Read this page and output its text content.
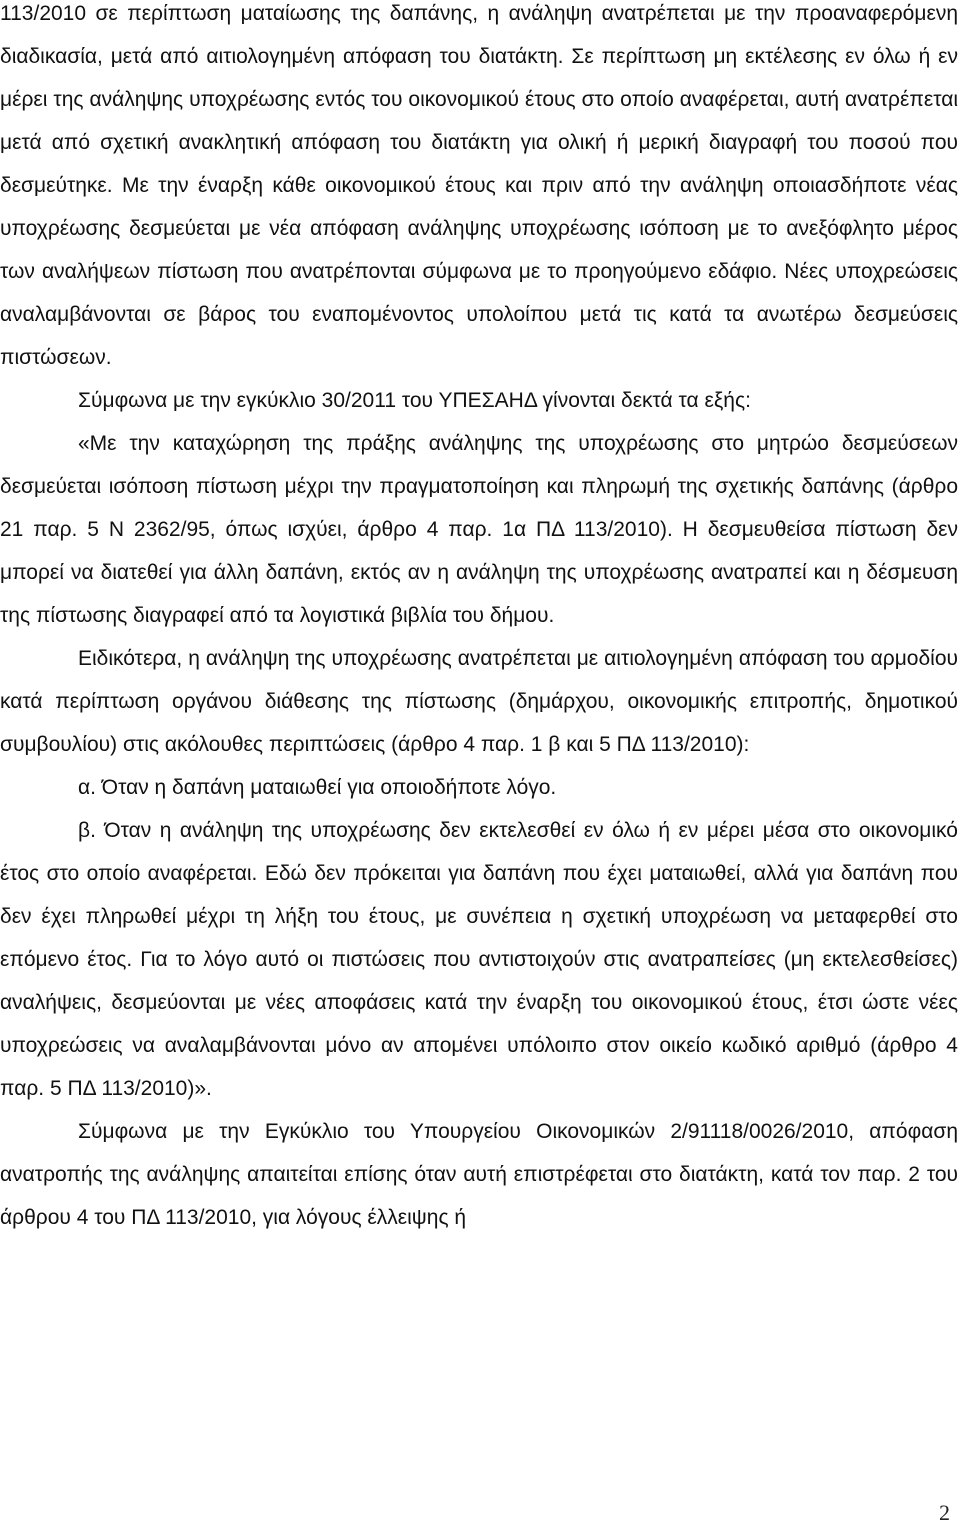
113/2010 σε περίπτωση ματαίωσης της δαπάνης, η ανάληψη ανατρέπεται με την προαναφερόμενη διαδικασία, μετά από αιτιολογημένη απόφαση του διατάκτη. Σε περίπτωση μη εκτέλεσης εν όλω ή εν μέρει της ανάληψης υποχρέωσης εντός του οικονομικού έτους στο οποίο αναφέρεται, αυτή ανατρέπεται μετά από σχετική ανακλητική απόφαση του διατάκτη για ολική ή μερική διαγραφή του ποσού που δεσμεύτηκε. Με την έναρξη κάθε οικονομικού έτους και πριν από την ανάληψη οποιασδήποτε νέας υποχρέωσης δεσμεύεται με νέα απόφαση ανάληψης υποχρέωσης ισόποση με το ανεξόφλητο μέρος των αναλήψεων πίστωση που ανατρέπονται σύμφωνα με το προηγούμενο εδάφιο. Νέες υποχρεώσεις αναλαμβάνονται σε βάρος του εναπομένοντος υπολοίπου μετά τις κατά τα ανωτέρω δεσμεύσεις πιστώσεων.

Σύμφωνα με την εγκύκλιο 30/2011 του ΥΠΕΣΑΗΔ γίνονται δεκτά τα εξής:

«Με την καταχώρηση της πράξης ανάληψης της υποχρέωσης στο μητρώο δεσμεύσεων δεσμεύεται ισόποση πίστωση μέχρι την πραγματοποίηση και πληρωμή της σχετικής δαπάνης (άρθρο 21 παρ. 5 Ν 2362/95, όπως ισχύει, άρθρο 4 παρ. 1α ΠΔ 113/2010). Η δεσμευθείσα πίστωση δεν μπορεί να διατεθεί για άλλη δαπάνη, εκτός αν η ανάληψη της υποχρέωσης ανατραπεί και η δέσμευση της πίστωσης διαγραφεί από τα λογιστικά βιβλία του δήμου.

Ειδικότερα, η ανάληψη της υποχρέωσης ανατρέπεται με αιτιολογημένη απόφαση του αρμοδίου κατά περίπτωση οργάνου διάθεσης της πίστωσης (δημάρχου, οικονομικής επιτροπής, δημοτικού συμβουλίου) στις ακόλουθες περιπτώσεις (άρθρο 4 παρ. 1 β και 5 ΠΔ 113/2010):

α. Όταν η δαπάνη ματαιωθεί για οποιοδήποτε λόγο.

β. Όταν η ανάληψη της υποχρέωσης δεν εκτελεσθεί εν όλω ή εν μέρει μέσα στο οικονομικό έτος στο οποίο αναφέρεται. Εδώ δεν πρόκειται για δαπάνη που έχει ματαιωθεί, αλλά για δαπάνη που δεν έχει πληρωθεί μέχρι τη λήξη του έτους, με συνέπεια η σχετική υποχρέωση να μεταφερθεί στο επόμενο έτος. Για το λόγο αυτό οι πιστώσεις που αντιστοιχούν στις ανατραπείσες (μη εκτελεσθείσες) αναλήψεις, δεσμεύονται με νέες αποφάσεις κατά την έναρξη του οικονομικού έτους, έτσι ώστε νέες υποχρεώσεις να αναλαμβάνονται μόνο αν απομένει υπόλοιπο στον οικείο κωδικό αριθμό (άρθρο 4 παρ. 5 ΠΔ 113/2010)».

Σύμφωνα με την Εγκύκλιο του Υπουργείου Οικονομικών 2/91118/0026/2010, απόφαση ανατροπής της ανάληψης απαιτείται επίσης όταν αυτή επιστρέφεται στο διατάκτη, κατά τον παρ. 2 του άρθρου 4 του ΠΔ 113/2010, για λόγους έλλειψης ή

2
